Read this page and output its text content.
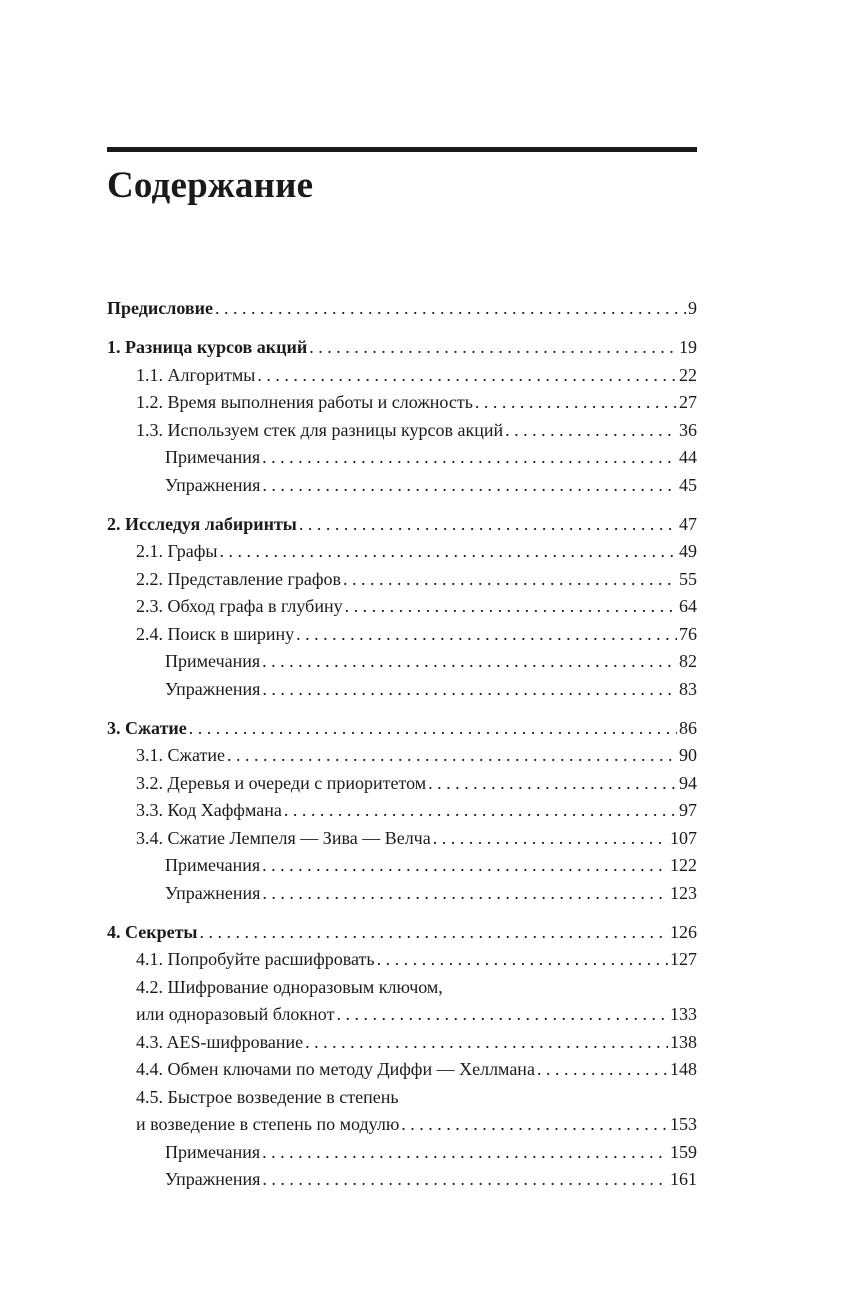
Содержание
Предисловие . . .	9
1. Разница курсов акций . . .	19
1.1. Алгоритмы . . .	22
1.2. Время выполнения работы и сложность . . .	27
1.3. Используем стек для разницы курсов акций . . .	36
Примечания . . .	44
Упражнения . . .	45
2. Исследуя лабиринты . . .	47
2.1. Графы . . .	49
2.2. Представление графов . . .	55
2.3. Обход графа в глубину . . .	64
2.4. Поиск в ширину . . .	76
Примечания . . .	82
Упражнения . . .	83
3. Сжатие . . .	86
3.1. Сжатие . . .	90
3.2. Деревья и очереди с приоритетом . . .	94
3.3. Код Хаффмана . . .	97
3.4. Сжатие Лемпеля — Зива — Велча . . .	107
Примечания . . .	122
Упражнения . . .	123
4. Секреты . . .	126
4.1. Попробуйте расшифровать . . .	127
4.2. Шифрование одноразовым ключом,
или одноразовый блокнот . . .	133
4.3. AES-шифрование . . .	138
4.4. Обмен ключами по методу Диффи — Хеллмана . . .	148
4.5. Быстрое возведение в степень
и возведение в степень по модулю . . .	153
Примечания . . .	159
Упражнения . . .	161
